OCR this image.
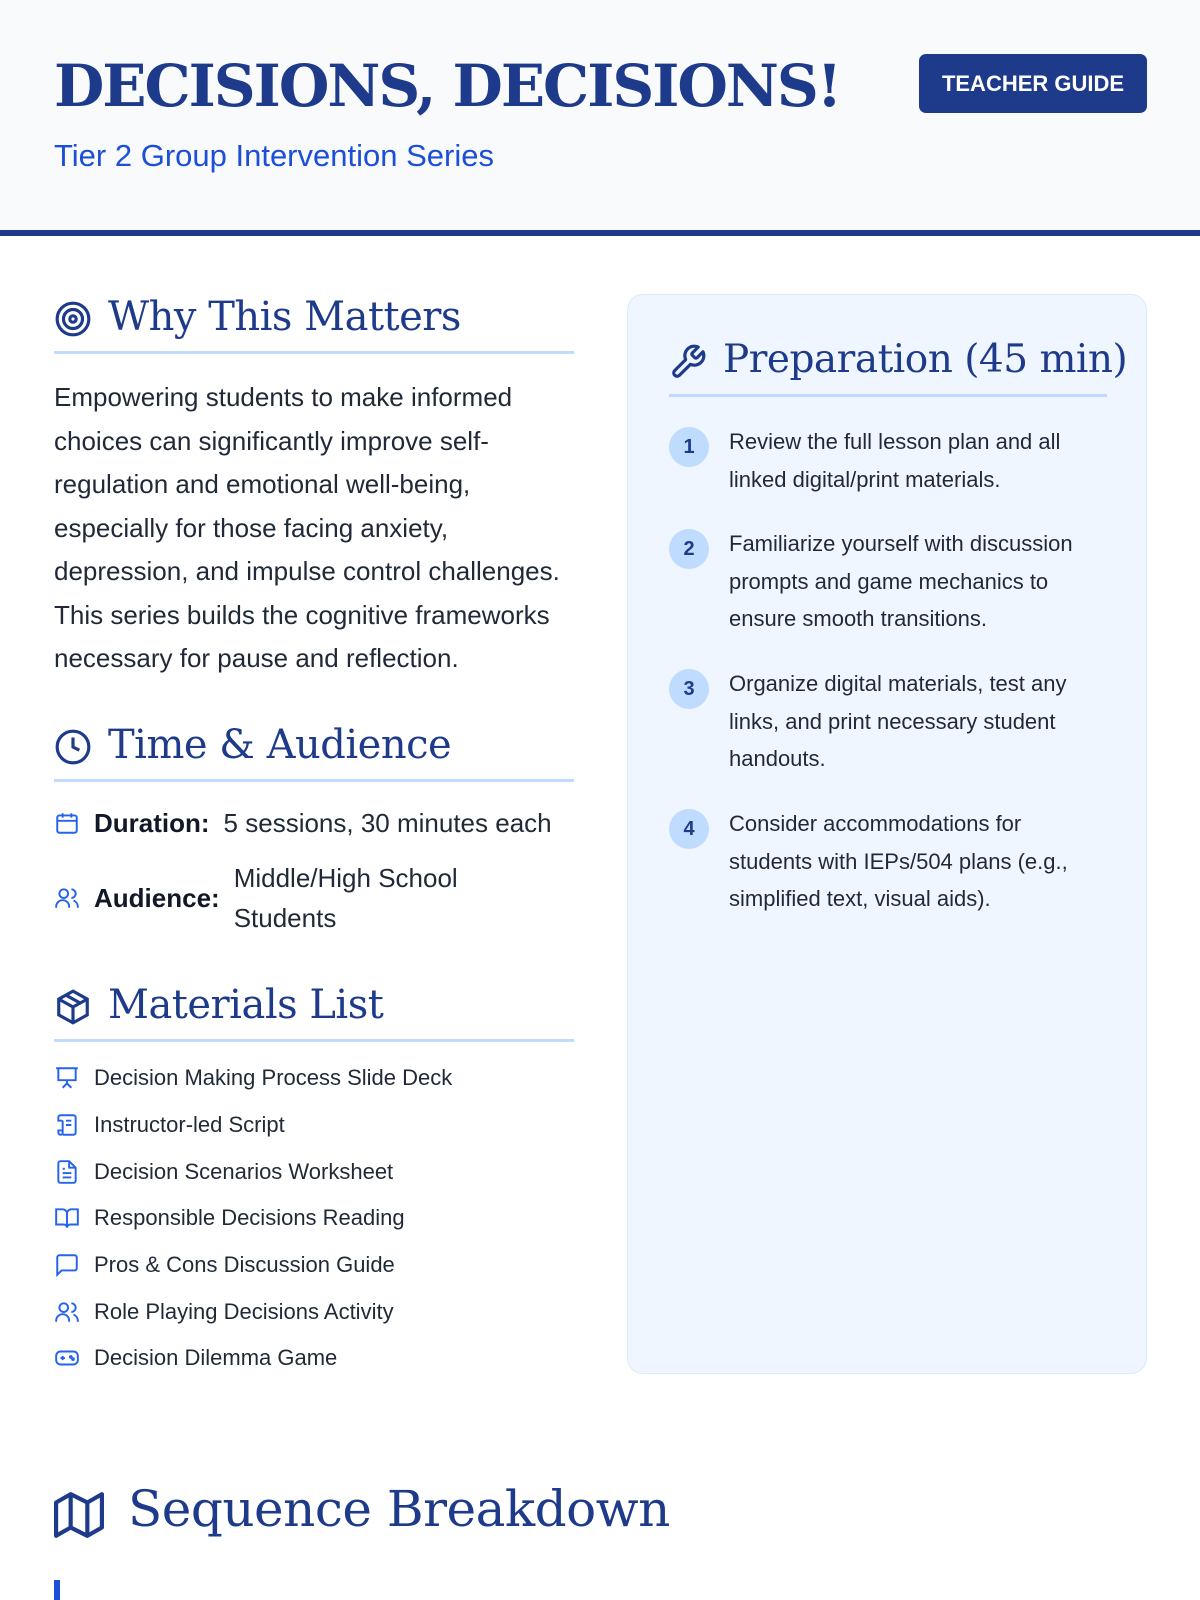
DECISIONS, DECISIONS!
Tier 2 Group Intervention Series
TEACHER GUIDE
Why This Matters
Empowering students to make informed choices can significantly improve self-regulation and emotional well-being, especially for those facing anxiety, depression, and impulse control challenges. This series builds the cognitive frameworks necessary for pause and reflection.
Time & Audience
Duration: 5 sessions, 30 minutes each
Audience:
Middle/High School Students
Materials List
Decision Making Process Slide Deck
Instructor-led Script
Decision Scenarios Worksheet
Responsible Decisions Reading
Pros & Cons Discussion Guide
Role Playing Decisions Activity
Decision Dilemma Game
Preparation (45 min)
1	Review the full lesson plan and all linked digital/print materials.
2	Familiarize yourself with discussion prompts and game mechanics to ensure smooth transitions.
3	Organize digital materials, test any links, and print necessary student handouts.
4	Consider accommodations for students with IEPs/504 plans (e.g., simplified text, visual aids).
Sequence Breakdown
